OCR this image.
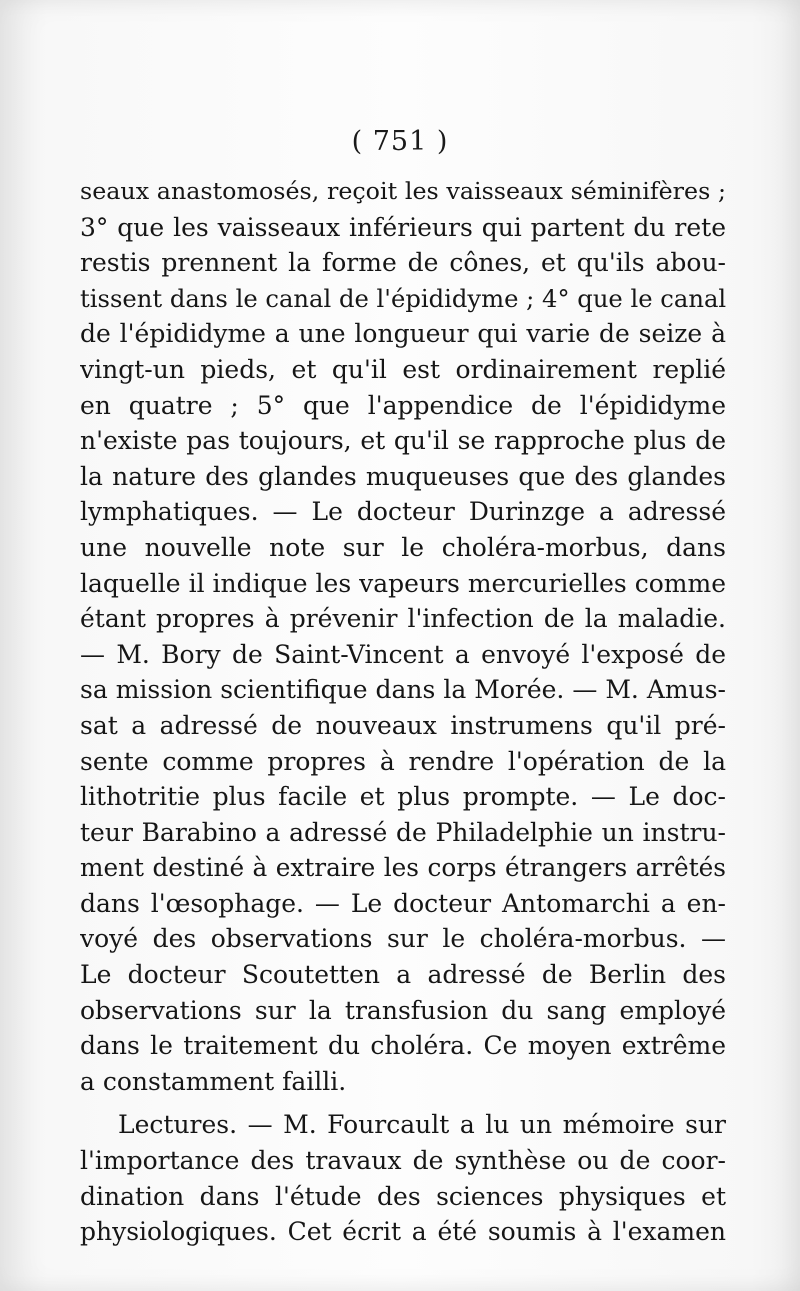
( 751 )
seaux anastomosés, reçoit les vaisseaux séminifères ;
3° que les vaisseaux inférieurs qui partent du rete
restis prennent la forme de cônes, et qu'ils abou-
tissent dans le canal de l'épididyme ; 4° que le canal
de l'épididyme a une longueur qui varie de seize à
vingt-un pieds, et qu'il est ordinairement replié
en quatre ; 5° que l'appendice de l'épididyme
n'existe pas toujours, et qu'il se rapproche plus de
la nature des glandes muqueuses que des glandes
lymphatiques. — Le docteur Durinzge a adressé
une nouvelle note sur le choléra-morbus, dans
laquelle il indique les vapeurs mercurielles comme
étant propres à prévenir l'infection de la maladie.
— M. Bory de Saint-Vincent a envoyé l'exposé de
sa mission scientifique dans la Morée. — M. Amus-
sat a adressé de nouveaux instrumens qu'il pré-
sente comme propres à rendre l'opération de la
lithotritie plus facile et plus prompte. — Le doc-
teur Barabino a adressé de Philadelphie un instru-
ment destiné à extraire les corps étrangers arrêtés
dans l'œsophage. — Le docteur Antomarchi a en-
voyé des observations sur le choléra-morbus. —
Le docteur Scoutetten a adressé de Berlin des
observations sur la transfusion du sang employé
dans le traitement du choléra. Ce moyen extrême
a constamment failli.
Lectures. — M. Fourcault a lu un mémoire sur
l'importance des travaux de synthèse ou de coor-
dination dans l'étude des sciences physiques et
physiologiques. Cet écrit a été soumis à l'examen
